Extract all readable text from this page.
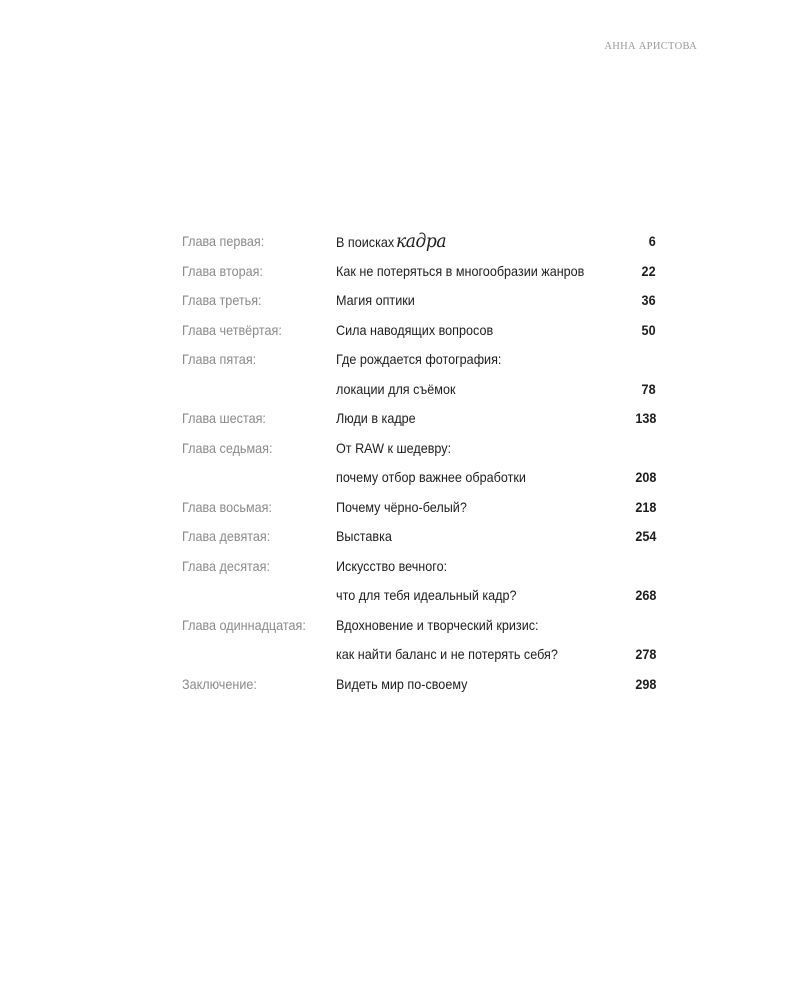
АННА АРИСТОВА
Глава первая:	В поискахкадра	6
Глава вторая:	Как не потеряться в многообразии жанров	22
Глава третья:	Магия оптики	36
Глава четвёртая:	Сила наводящих вопросов	50
Глава пятая:	Где рождается фотография:
локации для съёмок	78
Глава шестая:	Люди в кадре	138
Глава седьмая:	От RAW к шедевру:
почему отбор важнее обработки	208
Глава восьмая:	Почему чёрно-белый?	218
Глава девятая:	Выставка	254
Глава десятая:	Искусство вечного:
что для тебя идеальный кадр?	268
Глава одиннадцатая: Вдохновение и творческий кризис:
как найти баланс и не потерять себя?	278
Заключение:	Видеть мир по-своему	298
